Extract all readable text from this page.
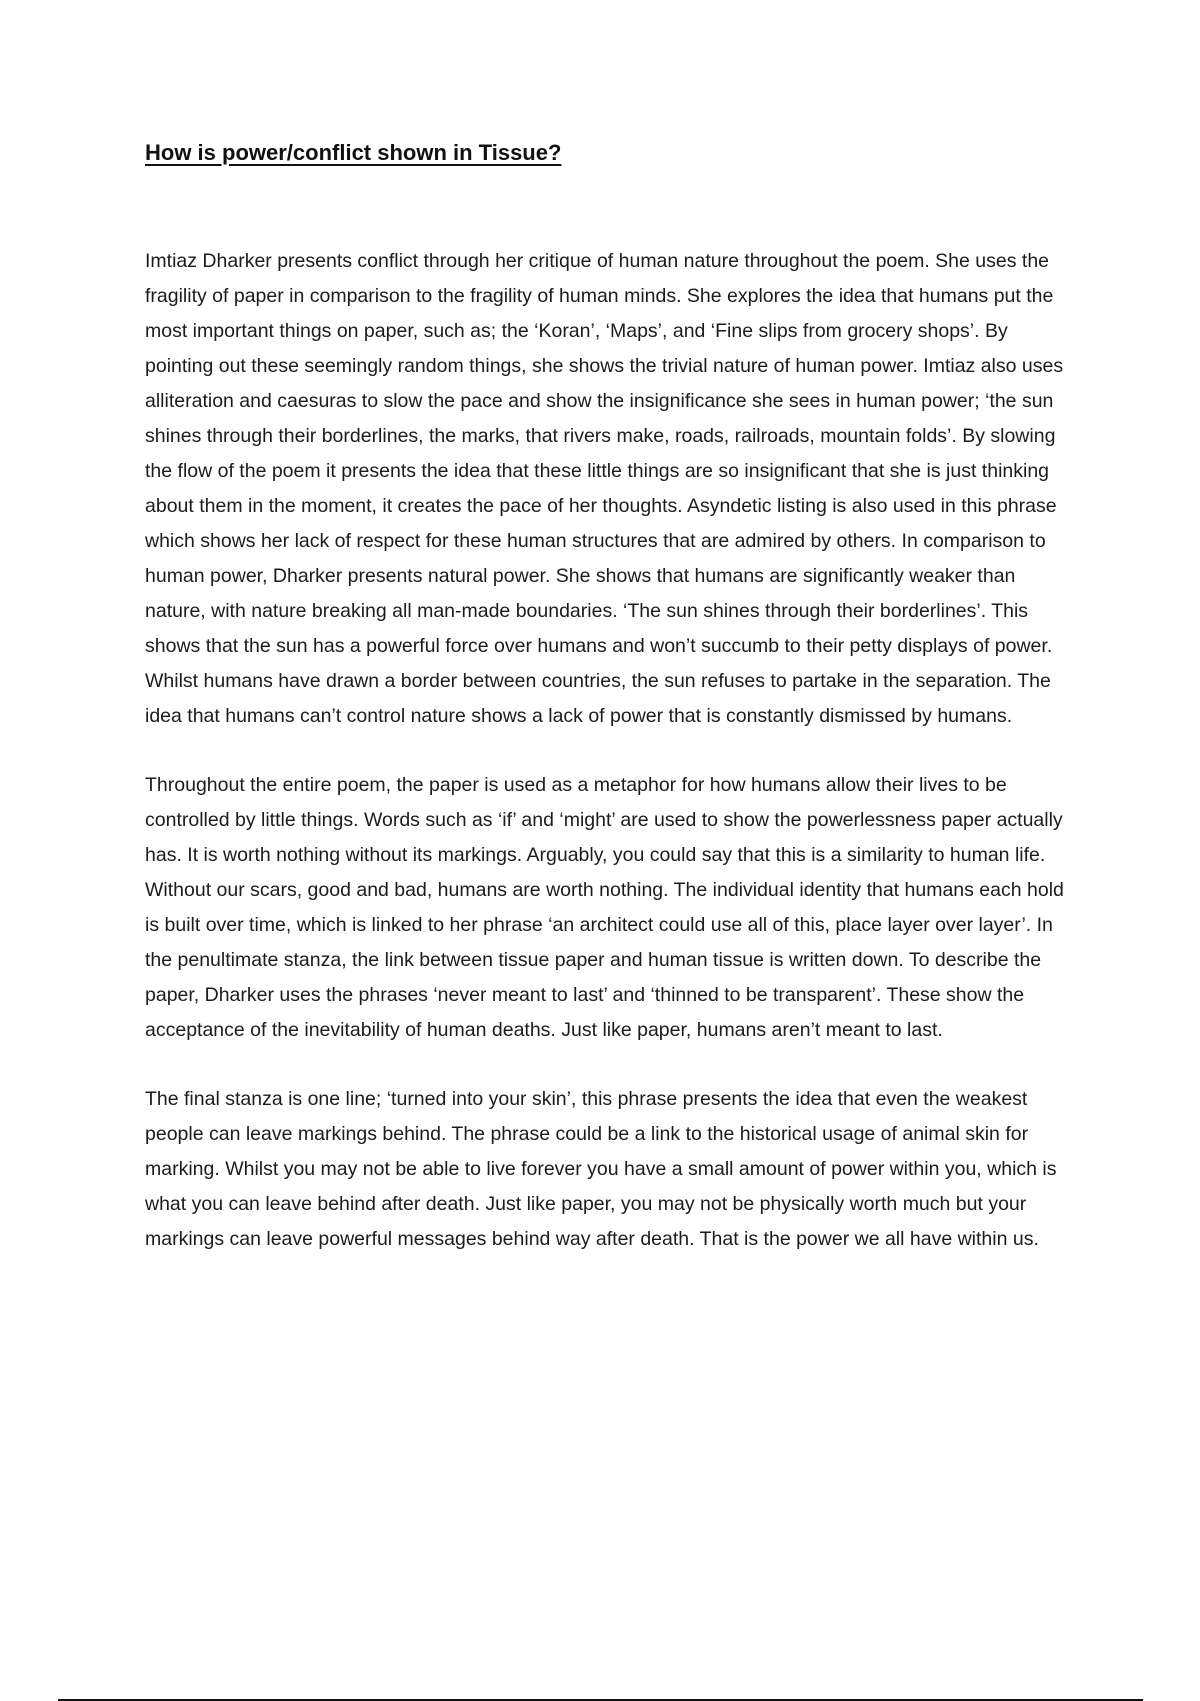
How is power/conflict shown in Tissue?

Imtiaz Dharker presents conflict through her critique of human nature throughout the poem. She uses the fragility of paper in comparison to the fragility of human minds. She explores the idea that humans put the most important things on paper, such as; the ‘Koran’, ‘Maps’, and ‘Fine slips from grocery shops’. By pointing out these seemingly random things, she shows the trivial nature of human power. Imtiaz also uses alliteration and caesuras to slow the pace and show the insignificance she sees in human power; ‘the sun shines through their borderlines, the marks, that rivers make, roads, railroads, mountain folds’. By slowing the flow of the poem it presents the idea that these little things are so insignificant that she is just thinking about them in the moment, it creates the pace of her thoughts. Asyndetic listing is also used in this phrase which shows her lack of respect for these human structures that are admired by others. In comparison to human power, Dharker presents natural power. She shows that humans are significantly weaker than nature, with nature breaking all man-made boundaries. ‘The sun shines through their borderlines’. This shows that the sun has a powerful force over humans and won’t succumb to their petty displays of power. Whilst humans have drawn a border between countries, the sun refuses to partake in the separation. The idea that humans can’t control nature shows a lack of power that is constantly dismissed by humans.

Throughout the entire poem, the paper is used as a metaphor for how humans allow their lives to be controlled by little things. Words such as ‘if’ and ‘might’ are used to show the powerlessness paper actually has. It is worth nothing without its markings. Arguably, you could say that this is a similarity to human life. Without our scars, good and bad, humans are worth nothing. The individual identity that humans each hold is built over time, which is linked to her phrase ‘an architect could use all of this, place layer over layer’. In the penultimate stanza, the link between tissue paper and human tissue is written down. To describe the paper, Dharker uses the phrases ‘never meant to last’ and ‘thinned to be transparent’. These show the acceptance of the inevitability of human deaths. Just like paper, humans aren’t meant to last.

The final stanza is one line; ‘turned into your skin’, this phrase presents the idea that even the weakest people can leave markings behind. The phrase could be a link to the historical usage of animal skin for marking. Whilst you may not be able to live forever you have a small amount of power within you, which is what you can leave behind after death. Just like paper, you may not be physically worth much but your markings can leave powerful messages behind way after death. That is the power we all have within us.
